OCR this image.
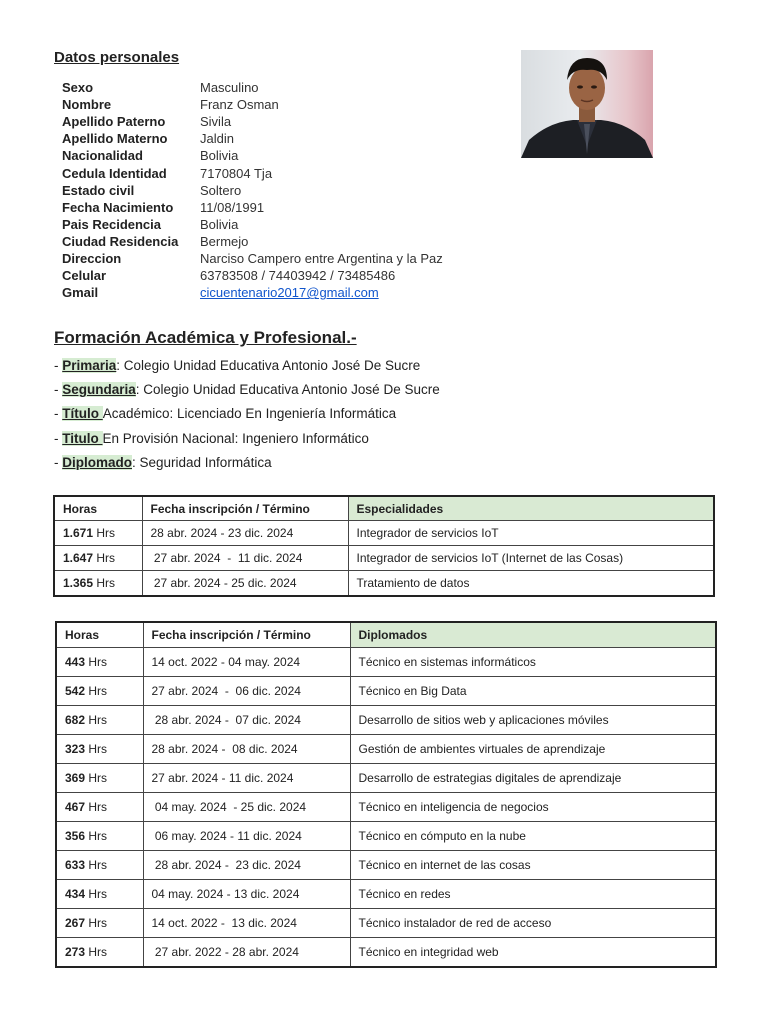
Datos personales
Sexo	Masculino
Nombre	Franz Osman
Apellido Paterno	Sivila
Apellido Materno	Jaldin
Nacionalidad	Bolivia
Cedula Identidad	7170804 Tja
Estado civil	Soltero
Fecha Nacimiento	11/08/1991
Pais Recidencia	Bolivia
Ciudad Residencia	Bermejo
Direccion	Narciso Campero entre Argentina y la Paz
Celular	63783508 / 74403942 / 73485486
Gmail	cicuentenario2017@gmail.com
Formación Académica y Profesional.-
- Primaria: Colegio Unidad Educativa Antonio José De Sucre
- Segundaria: Colegio Unidad Educativa Antonio José De Sucre
- Título Académico: Licenciado En Ingeniería Informática
- Titulo En Provisión Nacional: Ingeniero Informático
- Diplomado: Seguridad Informática
Horas	Fecha inscripción / Término	Especialidades
1.671 Hrs	28 abr. 2024 - 23 dic. 2024	Integrador de servicios IoT
1.647 Hrs	27 abr. 2024  -  11 dic. 2024	Integrador de servicios IoT (Internet de las Cosas)
1.365 Hrs	27 abr. 2024 - 25 dic. 2024	Tratamiento de datos
Horas	Fecha inscripción / Término	Diplomados
443 Hrs	14 oct. 2022 - 04 may. 2024	Técnico en sistemas informáticos
542 Hrs	27 abr. 2024  -  06 dic. 2024	Técnico en Big Data
682 Hrs	28 abr. 2024 -  07 dic. 2024	Desarrollo de sitios web y aplicaciones móviles
323 Hrs	28 abr. 2024 -  08 dic. 2024	Gestión de ambientes virtuales de aprendizaje
369 Hrs	27 abr. 2024 - 11 dic. 2024	Desarrollo de estrategias digitales de aprendizaje
467 Hrs	04 may. 2024  - 25 dic. 2024	Técnico en inteligencia de negocios
356 Hrs	06 may. 2024 - 11 dic. 2024	Técnico en cómputo en la nube
633 Hrs	28 abr. 2024 -  23 dic. 2024	Técnico en internet de las cosas
434 Hrs	04 may. 2024 - 13 dic. 2024	Técnico en redes
267 Hrs	14 oct. 2022 -  13 dic. 2024	Técnico instalador de red de acceso
273 Hrs	27 abr. 2022 - 28 abr. 2024	Técnico en integridad web
